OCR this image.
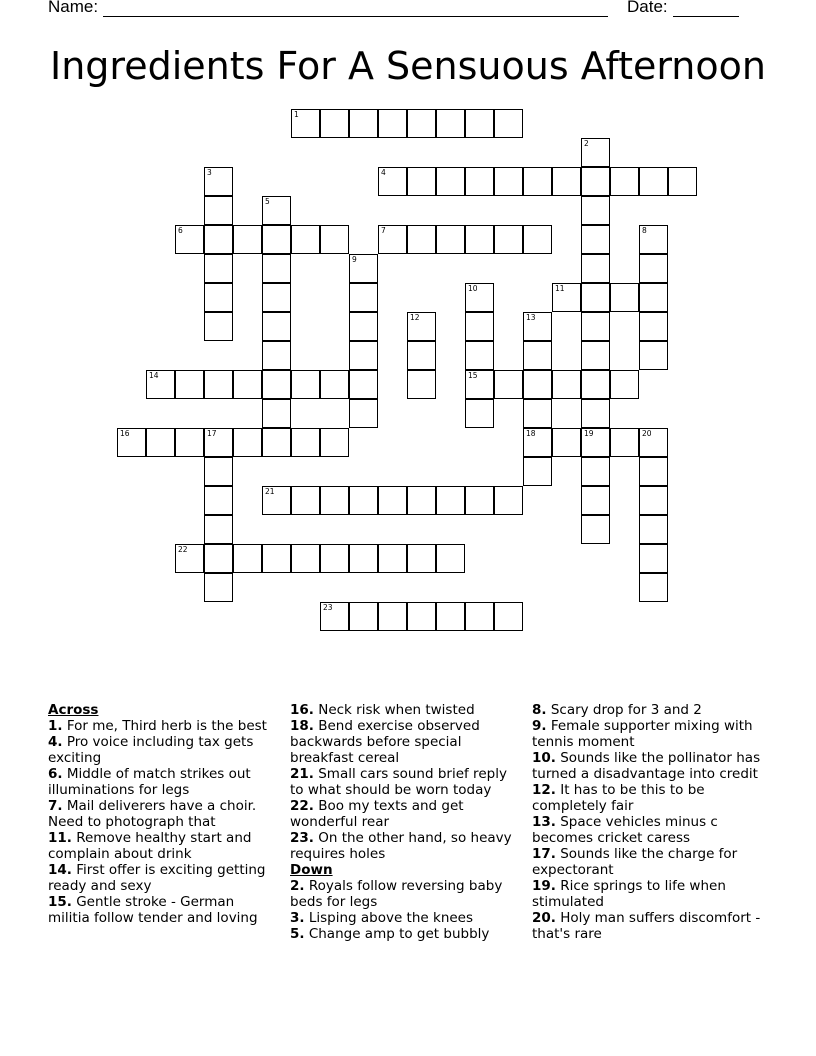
Name:	Date:
Ingredients For A Sensuous Afternoon
1
2
19
3	4
5
6	7	8
9
10
15
11
12	13
18
14
16	17	20
21
22
23
Across
1. For me, Third herb is the best
4. Pro voice including tax gets exciting
6. Middle of match strikes out illuminations for legs
7. Mail deliverers have a choir. Need to photograph that
11. Remove healthy start and complain about drink
14. First offer is exciting getting ready and sexy
15. Gentle stroke - German militia follow tender and loving
16. Neck risk when twisted
18. Bend exercise observed backwards before special breakfast cereal
21. Small cars sound brief reply to what should be worn today
22. Boo my texts and get wonderful rear
23. On the other hand, so heavy requires holes
Down
2. Royals follow reversing baby beds for legs
3. Lisping above the knees
5. Change amp to get bubbly
8. Scary drop for 3 and 2
9. Female supporter mixing with tennis moment
10. Sounds like the pollinator has turned a disadvantage into credit
12. It has to be this to be completely fair
13. Space vehicles minus c becomes cricket caress
17. Sounds like the charge for expectorant
19. Rice springs to life when stimulated
20. Holy man suffers discomfort - that's rare
